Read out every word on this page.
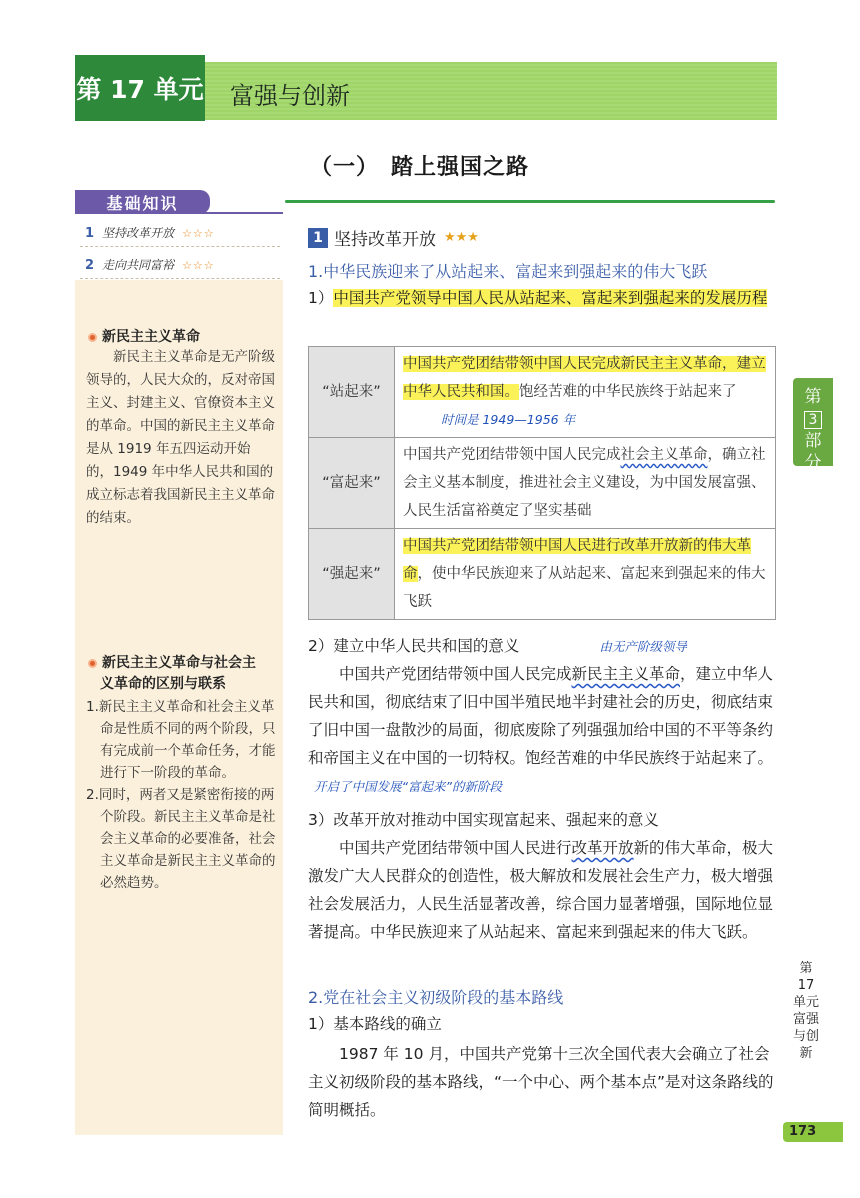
第 17 单元 富强与创新
（一）　踏上强国之路
基础知识
1 坚持改革开放 ☆☆☆
2 走向共同富裕 ☆☆☆
新民主主义革命
新民主主义革命是无产阶级领导的，人民大众的，反对帝国主义、封建主义、官僚资本主义的革命。中国的新民主主义革命是从 1919 年五四运动开始的，1949 年中华人民共和国的成立标志着我国新民主主义革命的结束。
新民主主义革命与社会主
义革命的区别与联系
1.新民主主义革命和社会主义革命是性质不同的两个阶段，只有完成前一个革命任务，才能进行下一阶段的革命。
2.同时，两者又是紧密衔接的两个阶段。新民主主义革命是社会主义革命的必要准备，社会主义革命是新民主主义革命的必然趋势。
1 坚持改革开放 ★★★
1.中华民族迎来了从站起来、富起来到强起来的伟大飞跃
1）中国共产党领导中国人民从站起来、富起来到强起来的发展历程
“站起来”	中国共产党团结带领中国人民完成新民主主义革命，建立中华人民共和国。饱经苦难的中华民族终于站起来了时间是 1949—1956 年
“富起来”	中国共产党团结带领中国人民完成社会主义革命，确立社会主义基本制度，推进社会主义建设，为中国发展富强、人民生活富裕奠定了坚实基础
“强起来”	中国共产党团结带领中国人民进行改革开放新的伟大革命，使中华民族迎来了从站起来、富起来到强起来的伟大飞跃
2）建立中华人民共和国的意义	由无产阶级领导
中国共产党团结带领中国人民完成新民主主义革命，建立中华人民共和国，彻底结束了旧中国半殖民地半封建社会的历史，彻底结束了旧中国一盘散沙的局面，彻底废除了列强强加给中国的不平等条约和帝国主义在中国的一切特权。饱经苦难的中华民族终于站起来了。开启了中国发展“富起来”的新阶段
3）改革开放对推动中国实现富起来、强起来的意义
中国共产党团结带领中国人民进行改革开放新的伟大革命，极大激发广大人民群众的创造性，极大解放和发展社会生产力，极大增强社会发展活力，人民生活显著改善，综合国力显著增强，国际地位显著提高。中华民族迎来了从站起来、富起来到强起来的伟大飞跃。
2.党在社会主义初级阶段的基本路线
1）基本路线的确立
1987 年 10 月，中国共产党第十三次全国代表大会确立了社会主义初级阶段的基本路线，“一个中心、两个基本点”是对这条路线的简明概括。
第
3
部
分
第17单元　富强与创新
173
